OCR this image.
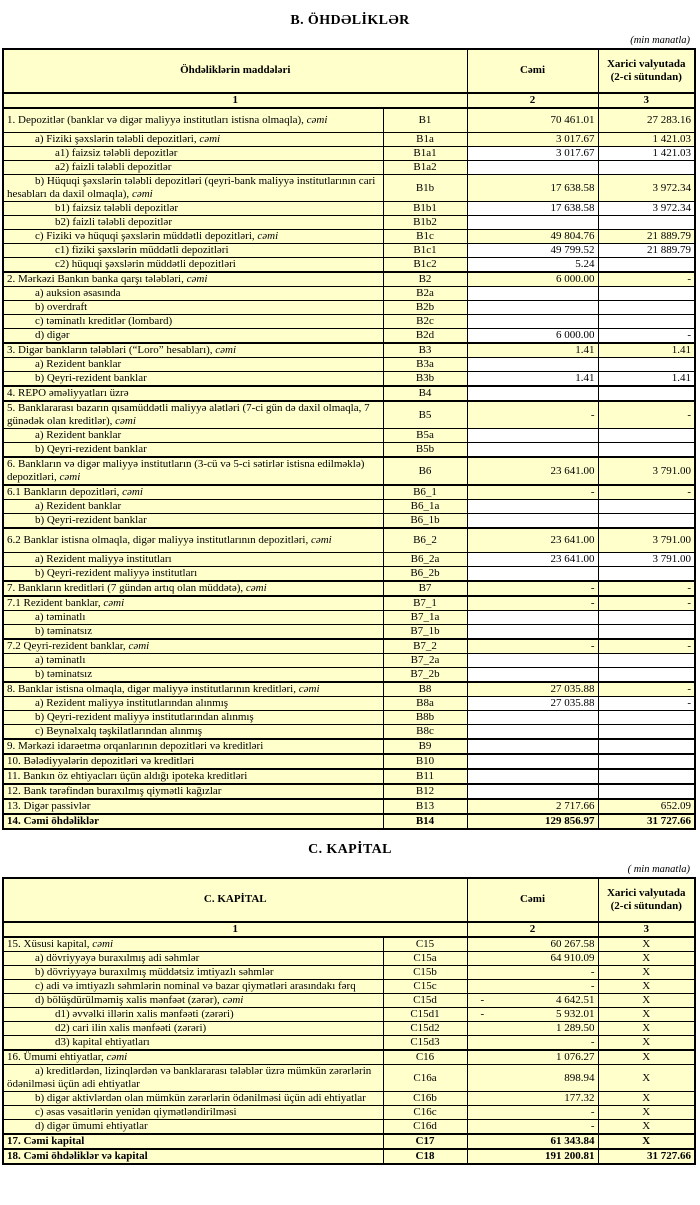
B. ÖHDƏLİKLƏR
(min manatla)
Öhdəliklərin maddələri		Cəmi	Xarici valyutada (2-ci sütundan)
1		2	3
1. Depozitlər (banklar və digər maliyyə institutları istisna olmaqla), cəmi	B1	70 461.01	27 283.16
a) Fiziki şəxslərin tələbli depozitləri, cəmi	B1a	3 017.67	1 421.03
a1) faizsiz tələbli depozitlər	B1a1	3 017.67	1 421.03
a2) faizli tələbli depozitlər	B1a2		
b) Hüquqi şəxslərin tələbli depozitləri (qeyri-bank maliyyə institutlarının cari hesabları da daxil olmaqla), cəmi	B1b	17 638.58	3 972.34
b1) faizsiz tələbli depozitlər	B1b1	17 638.58	3 972.34
b2) faizli tələbli depozitlər	B1b2		
c) Fiziki və hüquqi şəxslərin müddətli depozitləri, cəmi	B1c	49 804.76	21 889.79
c1) fiziki şəxslərin müddətli depozitləri	B1c1	49 799.52	21 889.79
c2) hüquqi şəxslərin müddətli depozitləri	B1c2	5.24	
2. Mərkəzi Bankın banka qarşı tələbləri, cəmi	B2	6 000.00	-
a) auksion əsasında	B2a		
b) overdraft	B2b		
c) təminatlı kreditlər (lombard)	B2c		
d) digər	B2d	6 000.00	-
3. Digər bankların tələbləri (“Loro” hesabları), cəmi	B3	1.41	1.41
a) Rezident banklar	B3a		
b) Qeyri-rezident banklar	B3b	1.41	1.41
4. REPO əməliyyatları üzrə	B4		
5. Banklararası bazarın qısamüddətli maliyyə alətləri (7-ci gün də daxil olmaqla, 7 günədək olan kreditlər), cəmi	B5	-	-
a) Rezident banklar	B5a		
b) Qeyri-rezident banklar	B5b		
6. Bankların və digər maliyyə institutların (3-cü və 5-ci sətirlər istisna edilməklə) depozitləri, cəmi	B6	23 641.00	3 791.00
6.1 Bankların depozitləri, cəmi	B6_1	-	-
a) Rezident banklar	B6_1a		
b) Qeyri-rezident banklar	B6_1b		
6.2 Banklar istisna olmaqla, digər maliyyə institutlarının depozitləri, cəmi	B6_2	23 641.00	3 791.00
a) Rezident maliyyə institutları	B6_2a	23 641.00	3 791.00
b) Qeyri-rezident maliyyə institutları	B6_2b		
7. Bankların kreditləri (7 gündən artıq olan müddətə), cəmi	B7	-	-
7.1 Rezident banklar, cəmi	B7_1	-	-
a) təminatlı	B7_1a		
b) təminatsız	B7_1b		
7.2 Qeyri-rezident banklar, cəmi	B7_2	-	-
a) təminatlı	B7_2a		
b) təminatsız	B7_2b		
8. Banklar istisna olmaqla, digər maliyyə institutlarının kreditləri, cəmi	B8	27 035.88	-
a) Rezident maliyyə institutlarından alınmış	B8a	27 035.88	-
b) Qeyri-rezident maliyyə institutlarından alınmış	B8b		
c) Beynəlxalq təşkilatlarından alınmış	B8c		
9. Mərkəzi idarəetmə orqanlarının depozitləri və kreditləri	B9		
10. Bələdiyyələrin depozitləri və kreditləri	B10		
11. Bankın öz ehtiyacları üçün aldığı ipoteka kreditləri	B11		
12. Bank tərəfindən buraxılmış qiymətli kağızlar	B12		
13. Digər passivlər	B13	2 717.66	652.09
14. Cəmi öhdəliklər	B14	129 856.97	31 727.66
C. KAPİTAL
( min manatla)
C. KAPİTAL		Cəmi	Xarici valyutada (2-ci sütundan)
1		2	3
15. Xüsusi kapital, cəmi	C15	60 267.58	X
a) dövriyyəyə buraxılmış adi səhmlər	C15a	64 910.09	X
b) dövriyyəyə buraxılmış müddətsiz imtiyazlı səhmlər	C15b	-	X
c) adi və imtiyazlı səhmlərin nominal və bazar qiymətləri arasındakı fərq	C15c	-	X
d) bölüşdürülməmiş xalis mənfəət (zərər), cəmi	C15d	- 4 642.51	X
d1) əvvəlki illərin xalis mənfəəti (zərəri)	C15d1	- 5 932.01	X
d2) cari ilin xalis mənfəəti (zərəri)	C15d2	1 289.50	X
d3) kapital ehtiyatları	C15d3	-	X
16. Ümumi ehtiyatlar, cəmi	C16	1 076.27	X
a) kreditlərdən, lizinqlərdən və banklararası tələblər üzrə mümkün zərərlərin ödənilməsi üçün adi ehtiyatlar	C16a	898.94	X
b) digər aktivlərdən olan mümkün zərərlərin ödənilməsi üçün adi ehtiyatlar	C16b	177.32	X
c) əsas vəsaitlərin yenidən qiymətləndirilməsi	C16c	-	X
d) digər ümumi ehtiyatlar	C16d	-	X
17. Cəmi kapital	C17	61 343.84	X
18. Cəmi öhdəliklər və kapital	C18	191 200.81	31 727.66
